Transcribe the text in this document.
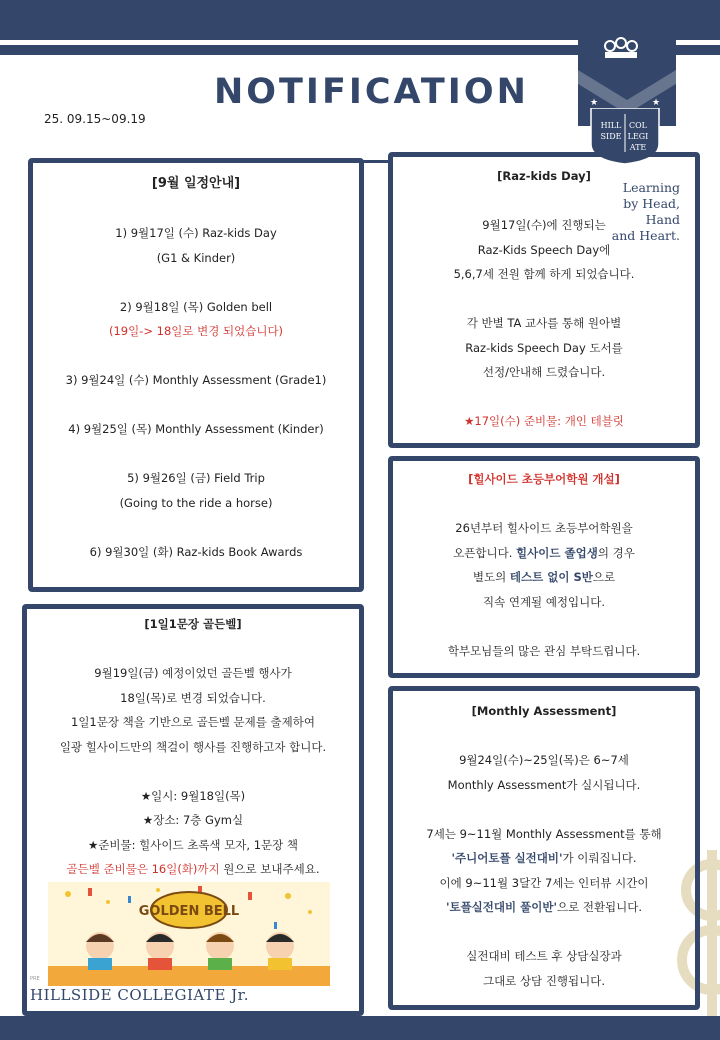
NOTIFICATION
25. 09.15~09.19
★	★
HILL
SIDE
COL
LEGI
ATE
Learning
by Head, Hand
and Heart.

[9월 일정안내]

1) 9월17일 (수) Raz-kids Day

(G1 & Kinder)

2) 9월18일 (목) Golden bell

(19일-> 18일로 변경 되었습니다)

3) 9월24일 (수) Monthly Assessment (Grade1)

4) 9월25일 (목) Monthly Assessment (Kinder)

5) 9월26일 (금) Field Trip

(Going to the ride a horse)

6) 9월30일 (화) Raz-kids Book Awards

[1일1문장 골든벨]

9월19일(금) 예정이었던 골든벨 행사가

18일(목)로 변경 되었습니다.

1일1문장 책을 기반으로 골든벨 문제를 출제하여

일광 힐사이드만의 책걸이 행사를 진행하고자 합니다.

★일시: 9월18일(목)

★장소: 7층 Gym실

★준비물: 힐사이드 초록색 모자, 1문장 책

골든벨 준비물은 16일(화)까지 원으로 보내주세요.

GOLDEN BELL
PRE
HILLSIDE COLLEGIATE Jr.

[Raz-kids Day]

9월17일(수)에 진행되는

Raz-Kids Speech Day에

5,6,7세 전원 함께 하게 되었습니다.

각 반별 TA 교사를 통해 원아별

Raz-kids Speech Day 도서를

선정/안내해 드렸습니다.

★17일(수) 준비물: 개인 테블릿

[힐사이드 초등부어학원 개설]

26년부터 힐사이드 초등부어학원을

오픈합니다. 힐사이드 졸업생의 경우

별도의 테스트 없이 S반으로

직속 연계될 예정입니다.

학부모님들의 많은 관심 부탁드립니다.

[Monthly Assessment]

9월24일(수)~25일(목)은 6~7세

Monthly Assessment가 실시됩니다.

7세는 9~11월 Monthly Assessment를 통해

'주니어토플 실전대비'가 이뤄집니다.

이에 9~11월 3달간 7세는 인터뷰 시간이

'토플실전대비 풀이반'으로 전환됩니다.

실전대비 테스트 후 상담실장과

그대로 상담 진행됩니다.
